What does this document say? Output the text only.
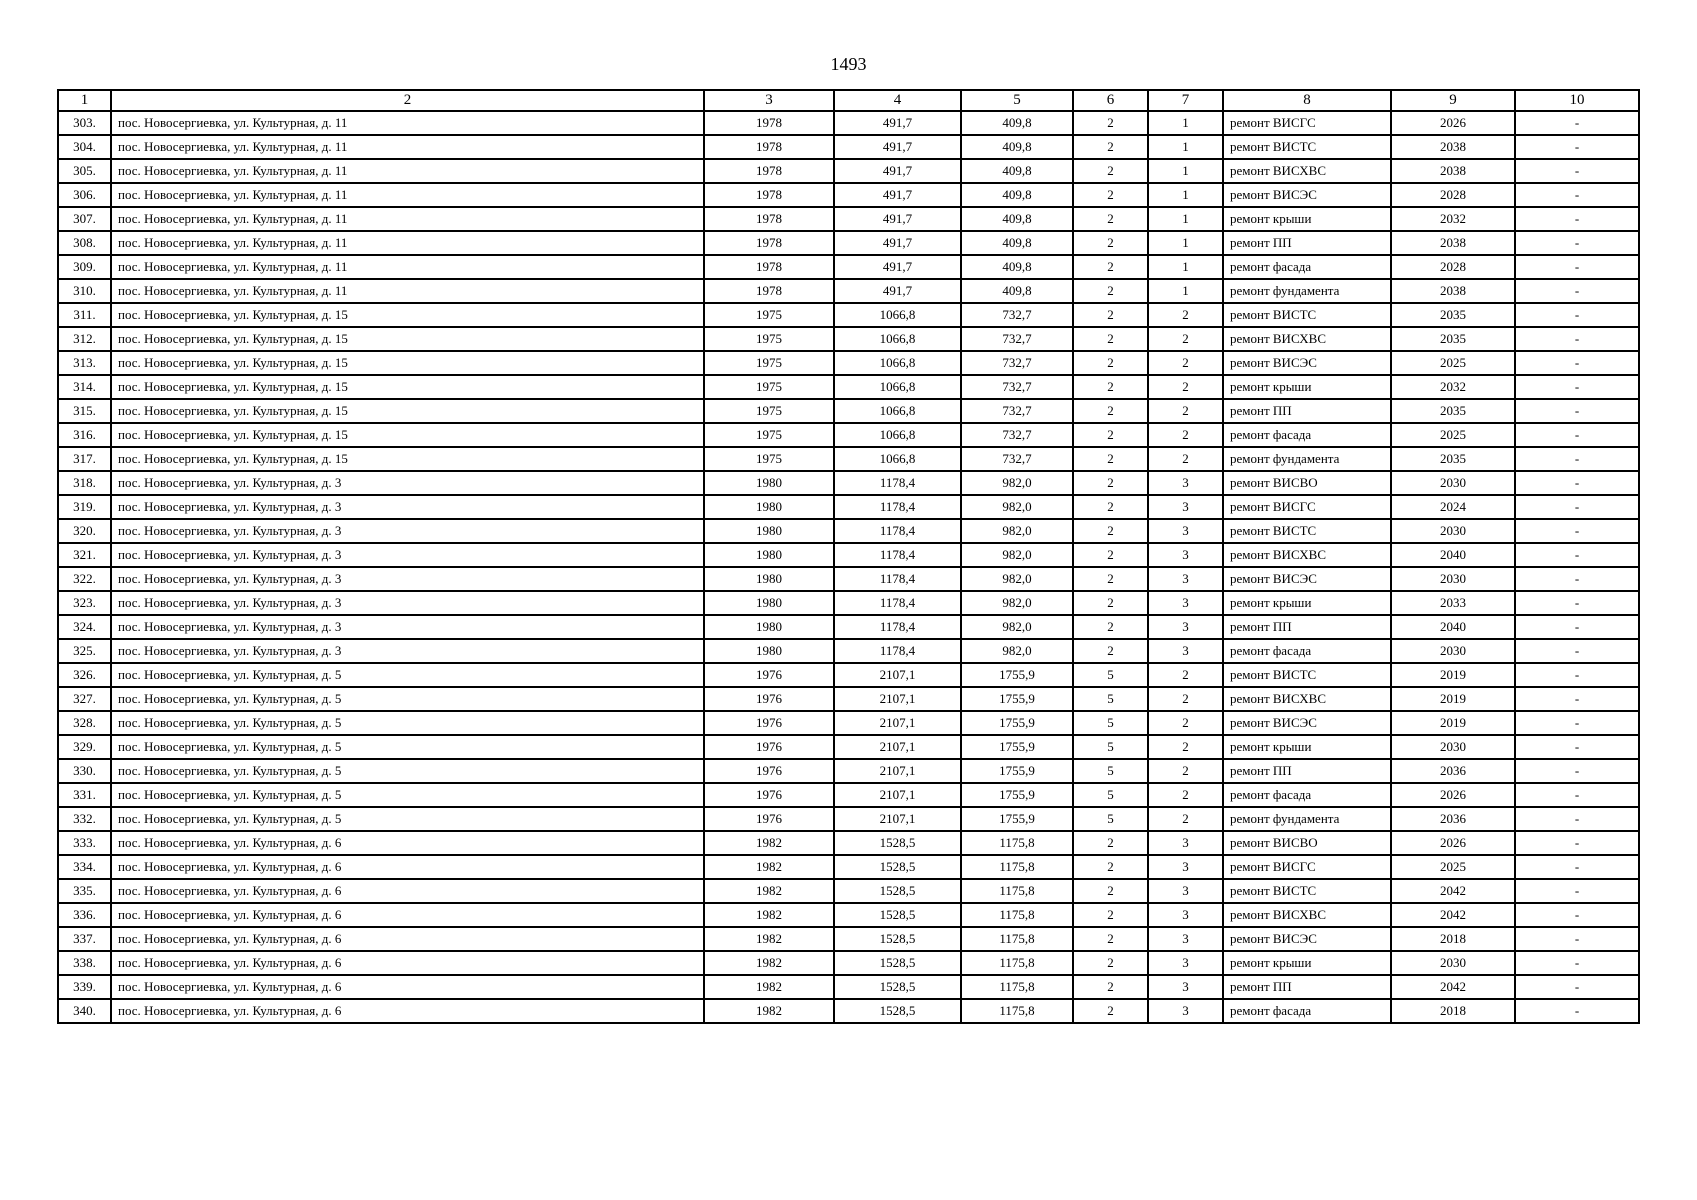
1493
1	2	3	4	5	6	7	8	9	10
303.	пос. Новосергиевка, ул. Культурная, д. 11	1978	491,7	409,8	2	1	ремонт ВИСГС	2026	-
304.	пос. Новосергиевка, ул. Культурная, д. 11	1978	491,7	409,8	2	1	ремонт ВИСТС	2038	-
305.	пос. Новосергиевка, ул. Культурная, д. 11	1978	491,7	409,8	2	1	ремонт ВИСХВС	2038	-
306.	пос. Новосергиевка, ул. Культурная, д. 11	1978	491,7	409,8	2	1	ремонт ВИСЭС	2028	-
307.	пос. Новосергиевка, ул. Культурная, д. 11	1978	491,7	409,8	2	1	ремонт крыши	2032	-
308.	пос. Новосергиевка, ул. Культурная, д. 11	1978	491,7	409,8	2	1	ремонт ПП	2038	-
309.	пос. Новосергиевка, ул. Культурная, д. 11	1978	491,7	409,8	2	1	ремонт фасада	2028	-
310.	пос. Новосергиевка, ул. Культурная, д. 11	1978	491,7	409,8	2	1	ремонт фундамента	2038	-
311.	пос. Новосергиевка, ул. Культурная, д. 15	1975	1066,8	732,7	2	2	ремонт ВИСТС	2035	-
312.	пос. Новосергиевка, ул. Культурная, д. 15	1975	1066,8	732,7	2	2	ремонт ВИСХВС	2035	-
313.	пос. Новосергиевка, ул. Культурная, д. 15	1975	1066,8	732,7	2	2	ремонт ВИСЭС	2025	-
314.	пос. Новосергиевка, ул. Культурная, д. 15	1975	1066,8	732,7	2	2	ремонт крыши	2032	-
315.	пос. Новосергиевка, ул. Культурная, д. 15	1975	1066,8	732,7	2	2	ремонт ПП	2035	-
316.	пос. Новосергиевка, ул. Культурная, д. 15	1975	1066,8	732,7	2	2	ремонт фасада	2025	-
317.	пос. Новосергиевка, ул. Культурная, д. 15	1975	1066,8	732,7	2	2	ремонт фундамента	2035	-
318.	пос. Новосергиевка, ул. Культурная, д. 3	1980	1178,4	982,0	2	3	ремонт ВИСВО	2030	-
319.	пос. Новосергиевка, ул. Культурная, д. 3	1980	1178,4	982,0	2	3	ремонт ВИСГС	2024	-
320.	пос. Новосергиевка, ул. Культурная, д. 3	1980	1178,4	982,0	2	3	ремонт ВИСТС	2030	-
321.	пос. Новосергиевка, ул. Культурная, д. 3	1980	1178,4	982,0	2	3	ремонт ВИСХВС	2040	-
322.	пос. Новосергиевка, ул. Культурная, д. 3	1980	1178,4	982,0	2	3	ремонт ВИСЭС	2030	-
323.	пос. Новосергиевка, ул. Культурная, д. 3	1980	1178,4	982,0	2	3	ремонт крыши	2033	-
324.	пос. Новосергиевка, ул. Культурная, д. 3	1980	1178,4	982,0	2	3	ремонт ПП	2040	-
325.	пос. Новосергиевка, ул. Культурная, д. 3	1980	1178,4	982,0	2	3	ремонт фасада	2030	-
326.	пос. Новосергиевка, ул. Культурная, д. 5	1976	2107,1	1755,9	5	2	ремонт ВИСТС	2019	-
327.	пос. Новосергиевка, ул. Культурная, д. 5	1976	2107,1	1755,9	5	2	ремонт ВИСХВС	2019	-
328.	пос. Новосергиевка, ул. Культурная, д. 5	1976	2107,1	1755,9	5	2	ремонт ВИСЭС	2019	-
329.	пос. Новосергиевка, ул. Культурная, д. 5	1976	2107,1	1755,9	5	2	ремонт крыши	2030	-
330.	пос. Новосергиевка, ул. Культурная, д. 5	1976	2107,1	1755,9	5	2	ремонт ПП	2036	-
331.	пос. Новосергиевка, ул. Культурная, д. 5	1976	2107,1	1755,9	5	2	ремонт фасада	2026	-
332.	пос. Новосергиевка, ул. Культурная, д. 5	1976	2107,1	1755,9	5	2	ремонт фундамента	2036	-
333.	пос. Новосергиевка, ул. Культурная, д. 6	1982	1528,5	1175,8	2	3	ремонт ВИСВО	2026	-
334.	пос. Новосергиевка, ул. Культурная, д. 6	1982	1528,5	1175,8	2	3	ремонт ВИСГС	2025	-
335.	пос. Новосергиевка, ул. Культурная, д. 6	1982	1528,5	1175,8	2	3	ремонт ВИСТС	2042	-
336.	пос. Новосергиевка, ул. Культурная, д. 6	1982	1528,5	1175,8	2	3	ремонт ВИСХВС	2042	-
337.	пос. Новосергиевка, ул. Культурная, д. 6	1982	1528,5	1175,8	2	3	ремонт ВИСЭС	2018	-
338.	пос. Новосергиевка, ул. Культурная, д. 6	1982	1528,5	1175,8	2	3	ремонт крыши	2030	-
339.	пос. Новосергиевка, ул. Культурная, д. 6	1982	1528,5	1175,8	2	3	ремонт ПП	2042	-
340.	пос. Новосергиевка, ул. Культурная, д. 6	1982	1528,5	1175,8	2	3	ремонт фасада	2018	-
